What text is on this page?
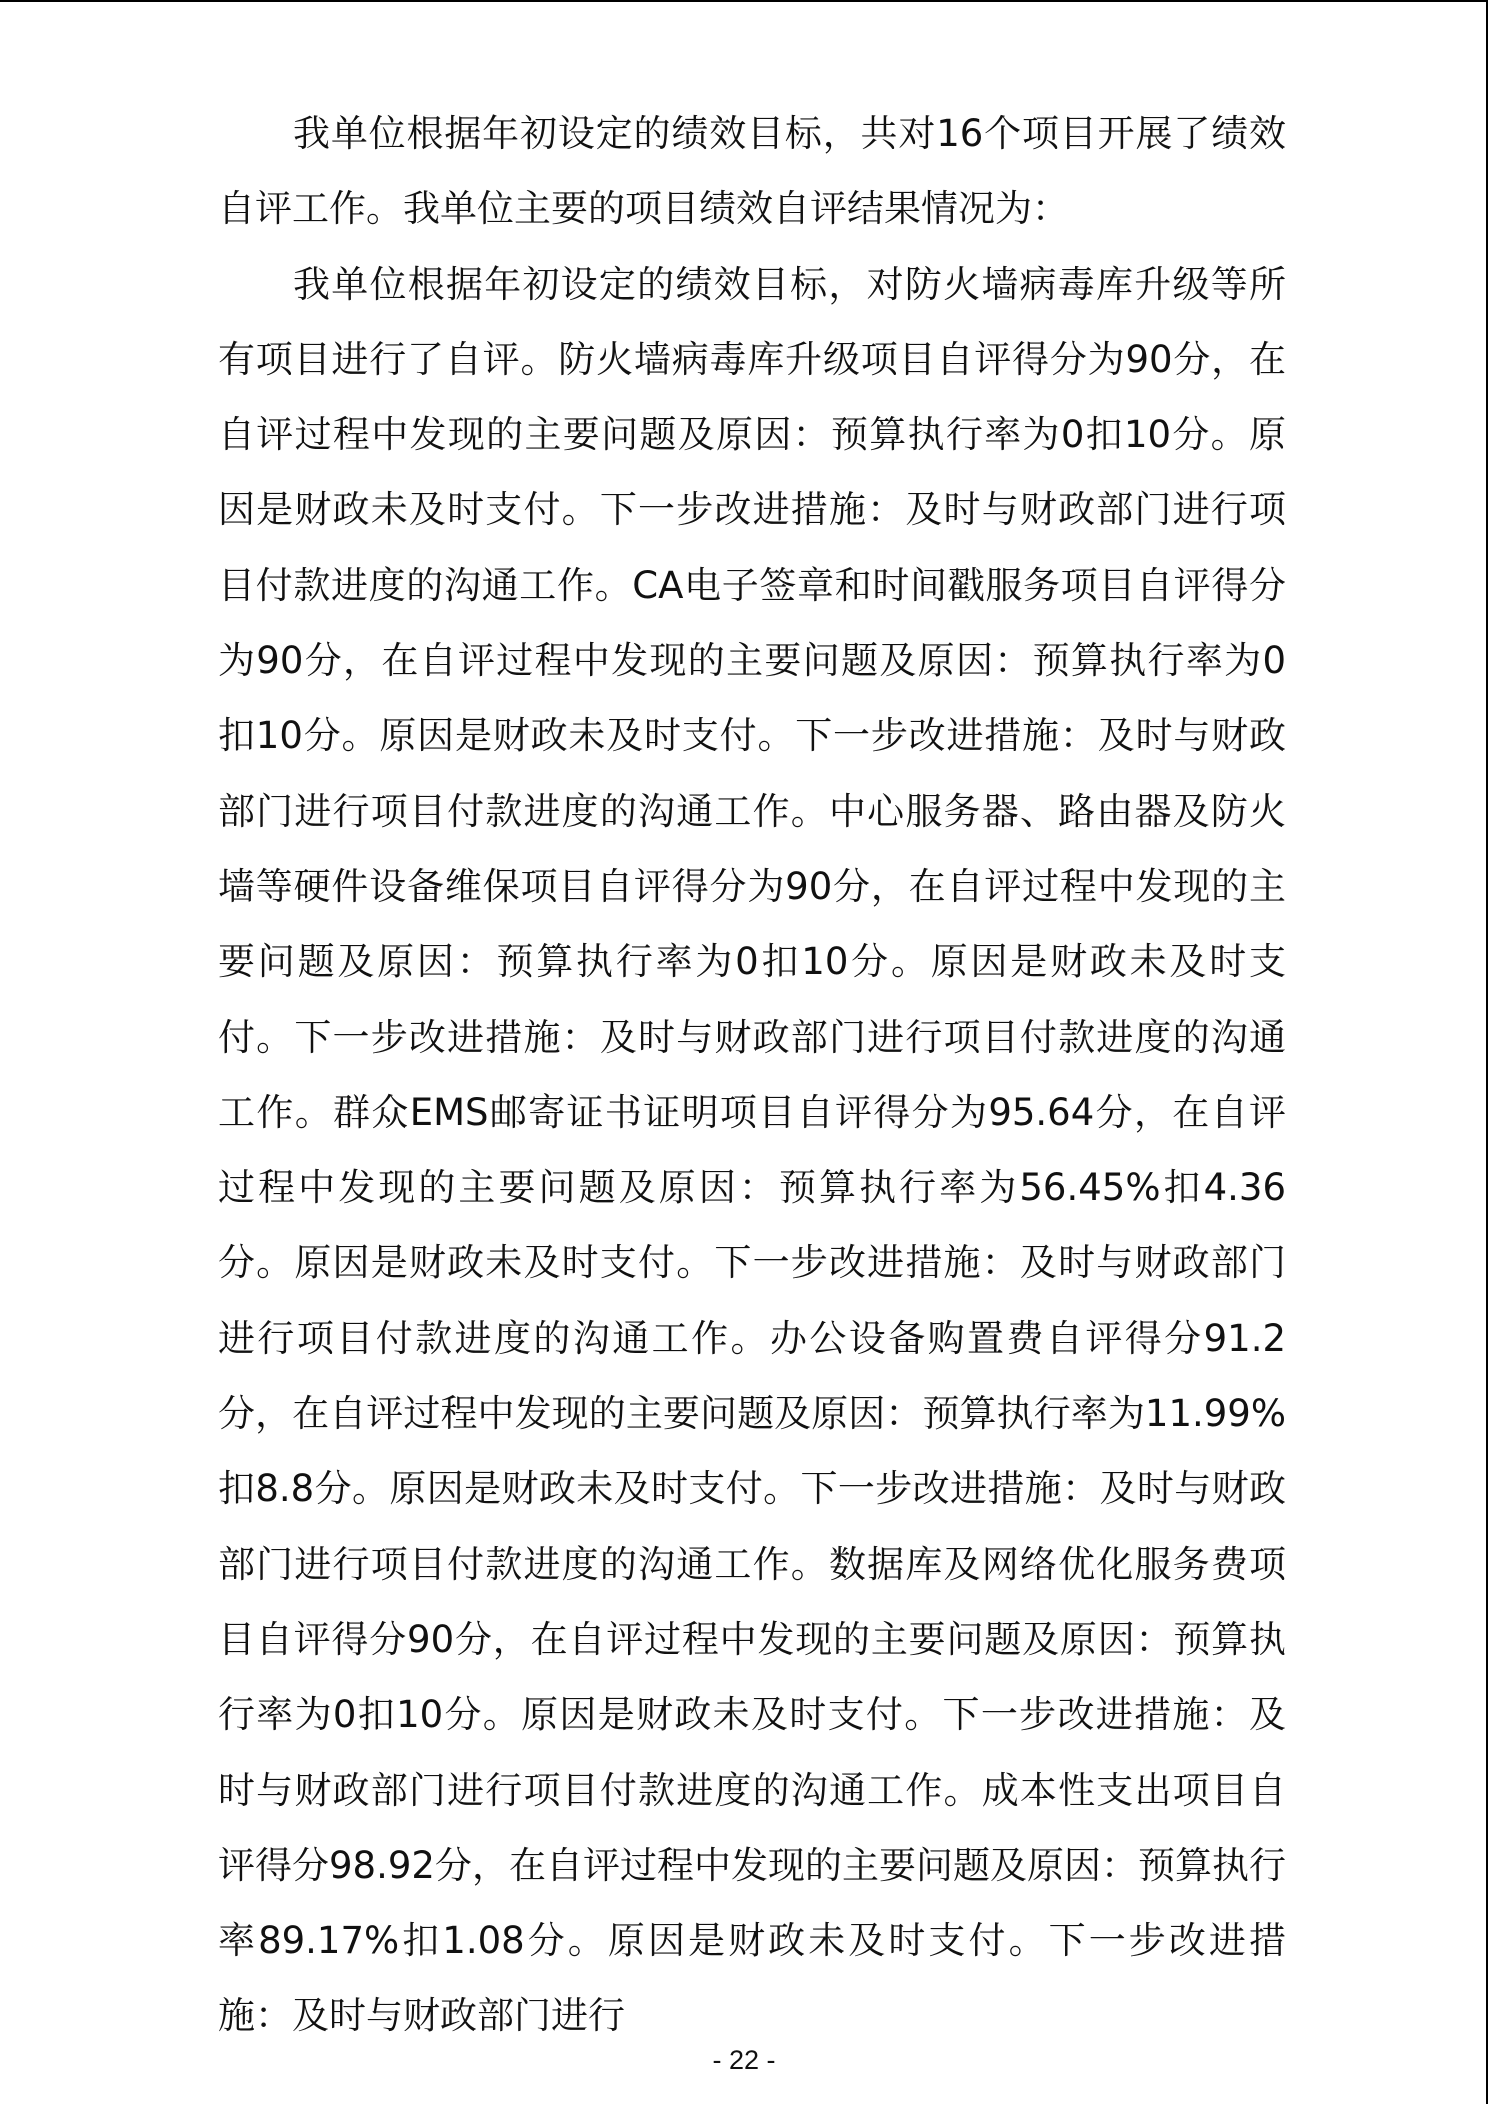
我单位根据年初设定的绩效目标，共对16个项目开展了绩效自评工作。我单位主要的项目绩效自评结果情况为：

我单位根据年初设定的绩效目标，对防火墙病毒库升级等所有项目进行了自评。防火墙病毒库升级项目自评得分为90分，在自评过程中发现的主要问题及原因：预算执行率为0扣10分。原因是财政未及时支付。下一步改进措施：及时与财政部门进行项目付款进度的沟通工作。CA电子签章和时间戳服务项目自评得分为90分，在自评过程中发现的主要问题及原因：预算执行率为0扣10分。原因是财政未及时支付。下一步改进措施：及时与财政部门进行项目付款进度的沟通工作。中心服务器、路由器及防火墙等硬件设备维保项目自评得分为90分，在自评过程中发现的主要问题及原因：预算执行率为0扣10分。原因是财政未及时支付。下一步改进措施：及时与财政部门进行项目付款进度的沟通工作。群众EMS邮寄证书证明项目自评得分为95.64分，在自评过程中发现的主要问题及原因：预算执行率为56.45%扣4.36分。原因是财政未及时支付。下一步改进措施：及时与财政部门进行项目付款进度的沟通工作。办公设备购置费自评得分91.2分，在自评过程中发现的主要问题及原因：预算执行率为11.99%扣8.8分。原因是财政未及时支付。下一步改进措施：及时与财政部门进行项目付款进度的沟通工作。数据库及网络优化服务费项目自评得分90分，在自评过程中发现的主要问题及原因：预算执行率为0扣10分。原因是财政未及时支付。下一步改进措施：及时与财政部门进行项目付款进度的沟通工作。成本性支出项目自评得分98.92分，在自评过程中发现的主要问题及原因：预算执行率89.17%扣1.08分。原因是财政未及时支付。下一步改进措施：及时与财政部门进行

- 22 -
